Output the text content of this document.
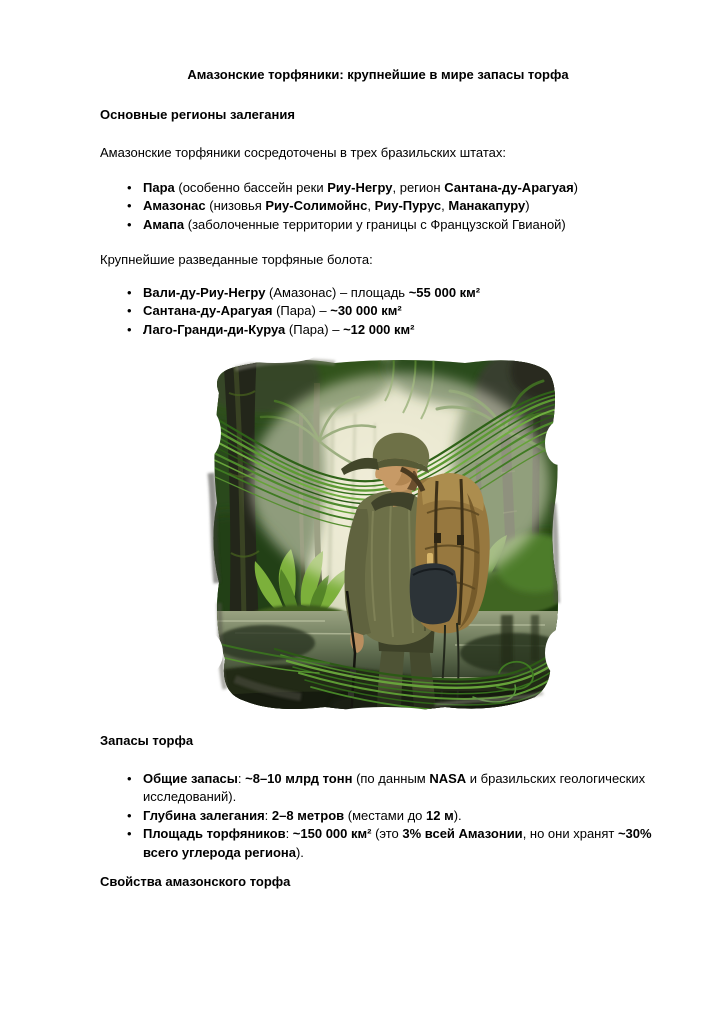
Амазонские торфяники: крупнейшие в мире запасы торфа
Основные регионы залегания

Амазонские торфяники сосредоточены в трех бразильских штатах:

• Пара (особенно бассейн реки Риу-Негру, регион Сантана-ду-Арагуая)
• Амазонас (низовья Риу-Солимойнс, Риу-Пурус, Манакапуру)
• Амапа (заболоченные территории у границы с Французской Гвианой)

Крупнейшие разведанные торфяные болота:

• Вали-ду-Риу-Негру (Амазонас) – площадь ~55 000 км²
• Сантана-ду-Арагуая (Пара) – ~30 000 км²
• Лаго-Гранди-ди-Куруа (Пара) – ~12 000 км²
Запасы торфа
• Общие запасы: ~8–10 млрд тонн (по данным NASA и бразильских геологических
исследований).
• Глубина залегания: 2–8 метров (местами до 12 м).
• Площадь торфяников: ~150 000 км² (это 3% всей Амазонии, но они хранят ~30%
всего углерода региона).
Свойства амазонского торфа
